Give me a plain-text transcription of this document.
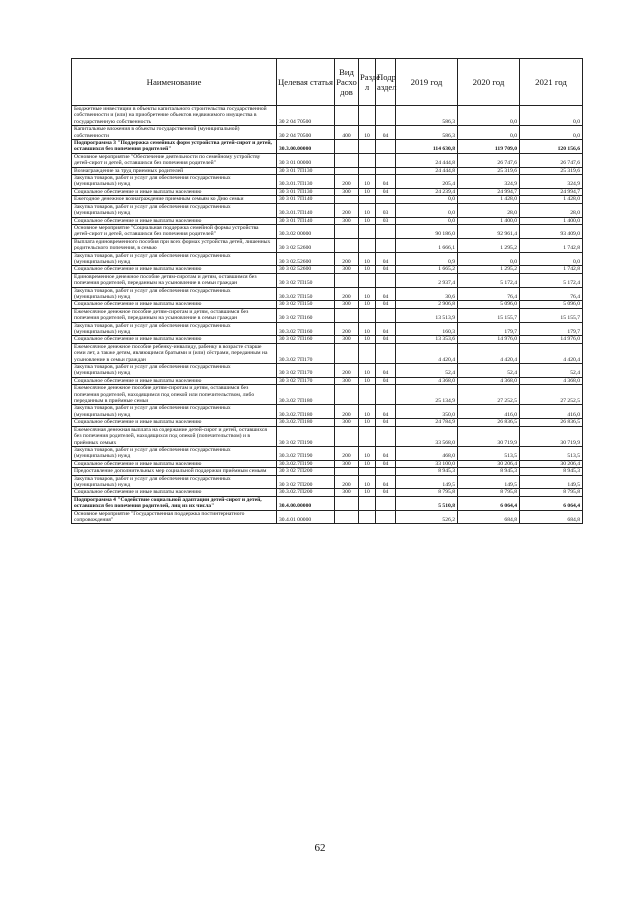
Наименование	Целевая статья	Вид Расхо дов	Разде л	Подр аздел	2019 год	2020 год	2021 год
Бюджетные инвестиции в объекты капитального строительства государственной собственности и (или) на приобретение объектов недвижимого имущества в государственную собственность	30 2 04 70500				586,3	0,0	0,0
Капитальные вложения в объекты государственной (муниципальной) собственности	30 2 04 70500	400	10	04	586,3	0,0	0,0
Подпрограмма 3 "Поддержка семейных форм устройства детей-сирот и детей, оставшихся без попечения родителей"	30.3.00.00000				114 630,8	119 709,0	120 156,6
Основное мероприятие "Обеспечение деятельности по семейному устройству детей-сирот и детей, оставшихся без попечения родителей"	30 3 01 00000				24 444,8	26 747,6	26 747,6
Вознаграждение за труд приемных родителей	30 3 01 7П130				24 444,8	25 319,6	25 319,6
Закупка товаров, работ и услуг для обеспечения государственных (муниципальных) нужд	30.3.01.7П130	200	10	04	205,4	324,9	324,9
Социальное обеспечение и иные выплаты населению	30 3 01 7П130	300	10	04	24 239,4	24 994,7	24 994,7
Ежегодное денежное вознаграждение приемным семьям ко Дню семьи	30 3 01 7П140				0,0	1 428,0	1 428,0
Закупка товаров, работ и услуг для обеспечения государственных (муниципальных) нужд	30.3.01.7П140	200	10	03	0,0	28,0	28,0
Социальное обеспечение и иные выплаты населению	30 3 01 7П140	300	10	03	0,0	1 400,0	1 400,0
Основное мероприятие "Социальная поддержка семейной формы устройства детей-сирот и детей, оставшихся без попечения родителей"	30.3.02 00000				90 186,0	92 961,4	93 409,0
Выплата единовременного пособия при всех формах устройства детей, лишенных родительского попечения, в семью	30 3 02 52600				1 666,1	1 295,2	1 742,8
Закупка товаров, работ и услуг для обеспечения государственных (муниципальных) нужд	30 3 02.52600	200	10	04	0,9	0,0	0,0
Социальное обеспечение и иные выплаты населению	30 3 02 52600	300	10	04	1 665,2	1 295,2	1 742,8
Единовременное денежное пособие детям-сиротам и детям, оставшимся без попечения родителей, переданным на усыновление в семьи граждан	30 3 02 7П150				2 937,4	5 172,4	5 172,4
Закупка товаров, работ и услуг для обеспечения государственных (муниципальных) нужд	30.3.02 7П150	200	10	04	30,6	76,4	76,4
Социальное обеспечение и иные выплаты населению	30 3 02 7П150	300	10	04	2 906,8	5 096,0	5 096,0
Ежемесячное денежное пособие детям-сиротам и детям, оставшимся без попечения родителей, переданным на усыновление в семьи граждан	30 3 02 7П160				13 513,9	15 155,7	15 155,7
Закупка товаров, работ и услуг для обеспечения государственных (муниципальных) нужд	30.3.02 7П160	200	10	04	160,3	179,7	179,7
Социальное обеспечение и иные выплаты населению	30 3 02 7П160	300	10	04	13 353,6	14 976,0	14 976,0
Ежемесячное денежное пособие ребенку-инвалиду, рабенку в возрасте старше семи лет, а также детям, являющимся братьями и (или) сёстрами, переданным на усыновление в семьи граждан	30.3.02 7П170				4 420,4	4 420,4	4 420,4
Закупка товаров, работ и услуг для обеспечения государственных (муниципальных) нужд	30 3 02 7П170	200	10	04	52,4	52,4	52,4
Социальное обеспечение и иные выплаты населению	30 3 02 7П170	300	10	04	4 368,0	4 368,0	4 368,0
Ежемесячное денежное пособие детям-сиротам и детям, оставшимся без попечения родителей, находящимся под опекой или попечительством, либо переданным в приёмные семьи	30.3.02 7П180				25 134,9	27 252,5	27 252,5
Закупка товаров, работ и услуг для обеспечения государственных (муниципальных) нужд	30.3.02.7П180	200	10	04	350,0	416,0	416,0
Социальное обеспечение и иные выплаты населению	30.3.02.7П180	300	10	04	24 784,9	26 836,5	26 836,5
Ежемесячная денежная выплата на содержание детей-сирот и детей, оставшихся без попечения родителей, находящихся под опекой (попечительством) и в приёмных семьях	30 3 02 7П190				33 568,0	30 719,9	30 719,9
Закупка товаров, работ и услуг для обеспечения государственных (муниципальных) нужд	30.3.02 7П190	200	10	04	468,0	513,5	513,5
Социальное обеспечение и иные выплаты населению	30.3.02.7П190	300	10	04	33 100,0	30 206,4	30 206,4
Предоставление дополнительных мер социальной поддержки приёмным семьям	30 3 02 7П200				8 945,3	8 945,3	8 945,3
Закупка товаров, работ и услуг для обеспечения государственных (муниципальных) нужд	30 3 02 7П200	200	10	04	149,5	149,5	149,5
Социальное обеспечение и иные выплаты населению	30.3.02.7П200	300	10	04	8 795,8	8 795,8	8 795,8
Подпрограмма 4 "Содействие социальной адаптации детей-сирот и детей, оставшихся без попечения родителей, лиц из их числа"	30.4.00.00000				5 510,8	6 064,4	6 064,4
Основное мероприятие "Государственная поддержка постинтернатного сопровождения"	30.4.01 00000				526,2	684,8	684,8
62
